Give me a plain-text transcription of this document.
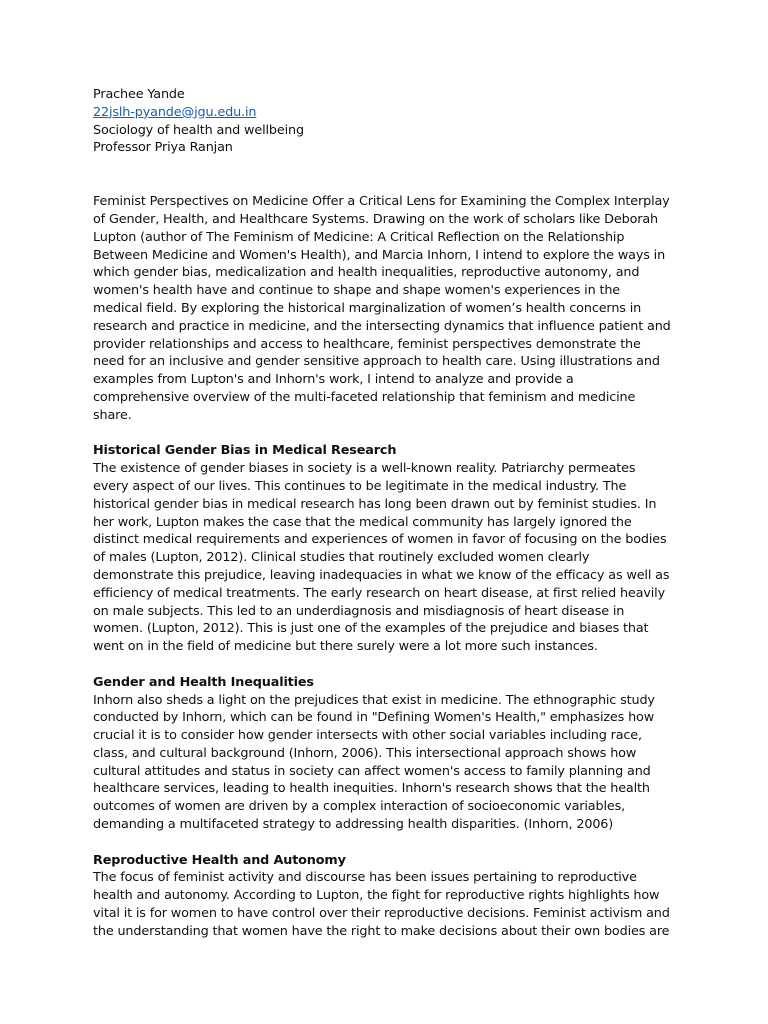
Prachee Yande
22jslh-pyande@jgu.edu.in
Sociology of health and wellbeing
Professor Priya Ranjan

Feminist Perspectives on Medicine Offer a Critical Lens for Examining the Complex Interplay of Gender, Health, and Healthcare Systems. Drawing on the work of scholars like Deborah Lupton (author of The Feminism of Medicine: A Critical Reflection on the Relationship Between Medicine and Women's Health), and Marcia Inhorn, I intend to explore the ways in which gender bias, medicalization and health inequalities, reproductive autonomy, and women's health have and continue to shape and shape women's experiences in the medical field. By exploring the historical marginalization of women’s health concerns in research and practice in medicine, and the intersecting dynamics that influence patient and provider relationships and access to healthcare, feminist perspectives demonstrate the need for an inclusive and gender sensitive approach to health care. Using illustrations and examples from Lupton's and Inhorn's work, I intend to analyze and provide a comprehensive overview of the multi-faceted relationship that feminism and medicine share.

Historical Gender Bias in Medical Research

The existence of gender biases in society is a well-known reality. Patriarchy permeates every aspect of our lives. This continues to be legitimate in the medical industry. The historical gender bias in medical research has long been drawn out by feminist studies. In her work, Lupton makes the case that the medical community has largely ignored the distinct medical requirements and experiences of women in favor of focusing on the bodies of males (Lupton, 2012). Clinical studies that routinely excluded women clearly demonstrate this prejudice, leaving inadequacies in what we know of the efficacy as well as efficiency of medical treatments. The early research on heart disease, at first relied heavily on male subjects. This led to an underdiagnosis and misdiagnosis of heart disease in women. (Lupton, 2012). This is just one of the examples of the prejudice and biases that went on in the field of medicine but there surely were a lot more such instances.

Gender and Health Inequalities

Inhorn also sheds a light on the prejudices that exist in medicine. The ethnographic study conducted by Inhorn, which can be found in "Defining Women's Health," emphasizes how crucial it is to consider how gender intersects with other social variables including race, class, and cultural background (Inhorn, 2006). This intersectional approach shows how cultural attitudes and status in society can affect women's access to family planning and healthcare services, leading to health inequities. Inhorn's research shows that the health outcomes of women are driven by a complex interaction of socioeconomic variables, demanding a multifaceted strategy to addressing health disparities. (Inhorn, 2006)

Reproductive Health and Autonomy

The focus of feminist activity and discourse has been issues pertaining to reproductive health and autonomy. According to Lupton, the fight for reproductive rights highlights how vital it is for women to have control over their reproductive decisions. Feminist activism and the understanding that women have the right to make decisions about their own bodies are
